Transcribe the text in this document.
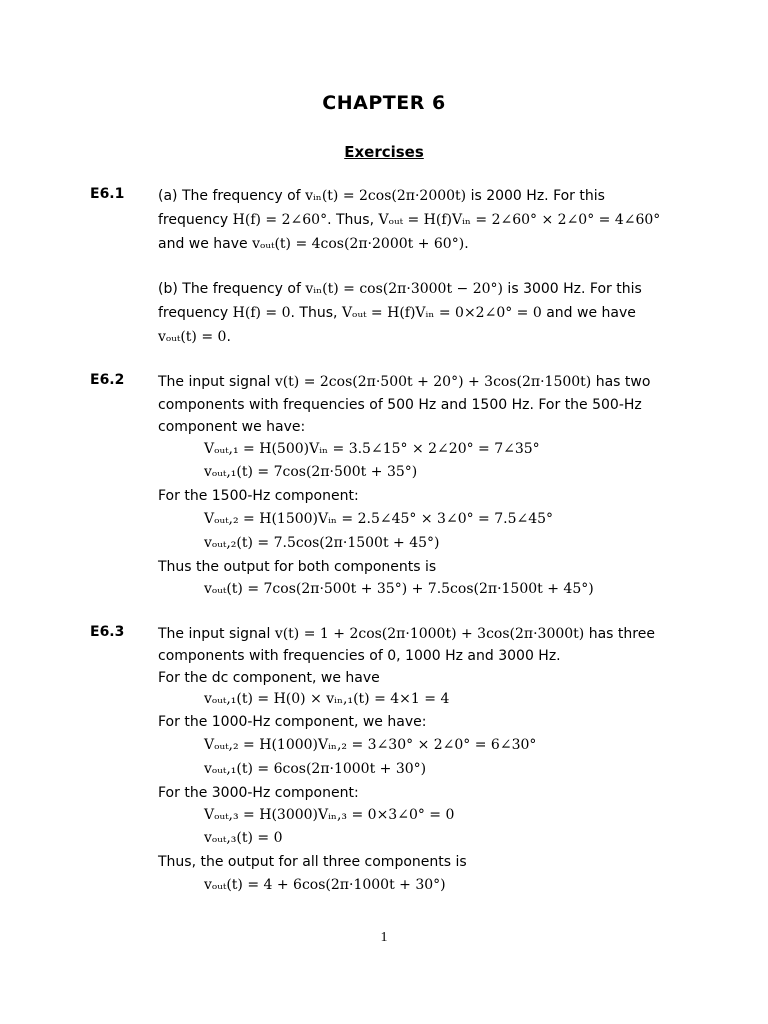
CHAPTER 6
Exercises
E6.1 (a) The frequency of vᵢₙ(t) = 2cos(2π·2000t) is 2000 Hz. For this
frequency H(f) = 2∠60°. Thus, Vₒᵤₜ = H(f)Vᵢₙ = 2∠60° × 2∠0° = 4∠60°
and we have vₒᵤₜ(t) = 4cos(2π·2000t + 60°).
(b) The frequency of vᵢₙ(t) = cos(2π·3000t − 20°) is 3000 Hz. For this
frequency H(f) = 0. Thus, Vₒᵤₜ = H(f)Vᵢₙ = 0×2∠0° = 0 and we have
vₒᵤₜ(t) = 0.
E6.2 The input signal v(t) = 2cos(2π·500t + 20°) + 3cos(2π·1500t) has two
components with frequencies of 500 Hz and 1500 Hz. For the 500-Hz
component we have:
Vₒᵤₜ,₁ = H(500)Vᵢₙ = 3.5∠15° × 2∠20° = 7∠35°
vₒᵤₜ,₁(t) = 7cos(2π·500t + 35°)
For the 1500-Hz component:
Vₒᵤₜ,₂ = H(1500)Vᵢₙ = 2.5∠45° × 3∠0° = 7.5∠45°
vₒᵤₜ,₂(t) = 7.5cos(2π·1500t + 45°)
Thus the output for both components is
vₒᵤₜ(t) = 7cos(2π·500t + 35°) + 7.5cos(2π·1500t + 45°)
E6.3 The input signal v(t) = 1 + 2cos(2π·1000t) + 3cos(2π·3000t) has three
components with frequencies of 0, 1000 Hz and 3000 Hz.
For the dc component, we have
vₒᵤₜ,₁(t) = H(0) × vᵢₙ,₁(t) = 4×1 = 4
For the 1000-Hz component, we have:
Vₒᵤₜ,₂ = H(1000)Vᵢₙ,₂ = 3∠30° × 2∠0° = 6∠30°
vₒᵤₜ,₁(t) = 6cos(2π·1000t + 30°)
For the 3000-Hz component:
Vₒᵤₜ,₃ = H(3000)Vᵢₙ,₃ = 0×3∠0° = 0
vₒᵤₜ,₃(t) = 0
Thus, the output for all three components is
vₒᵤₜ(t) = 4 + 6cos(2π·1000t + 30°)
1
